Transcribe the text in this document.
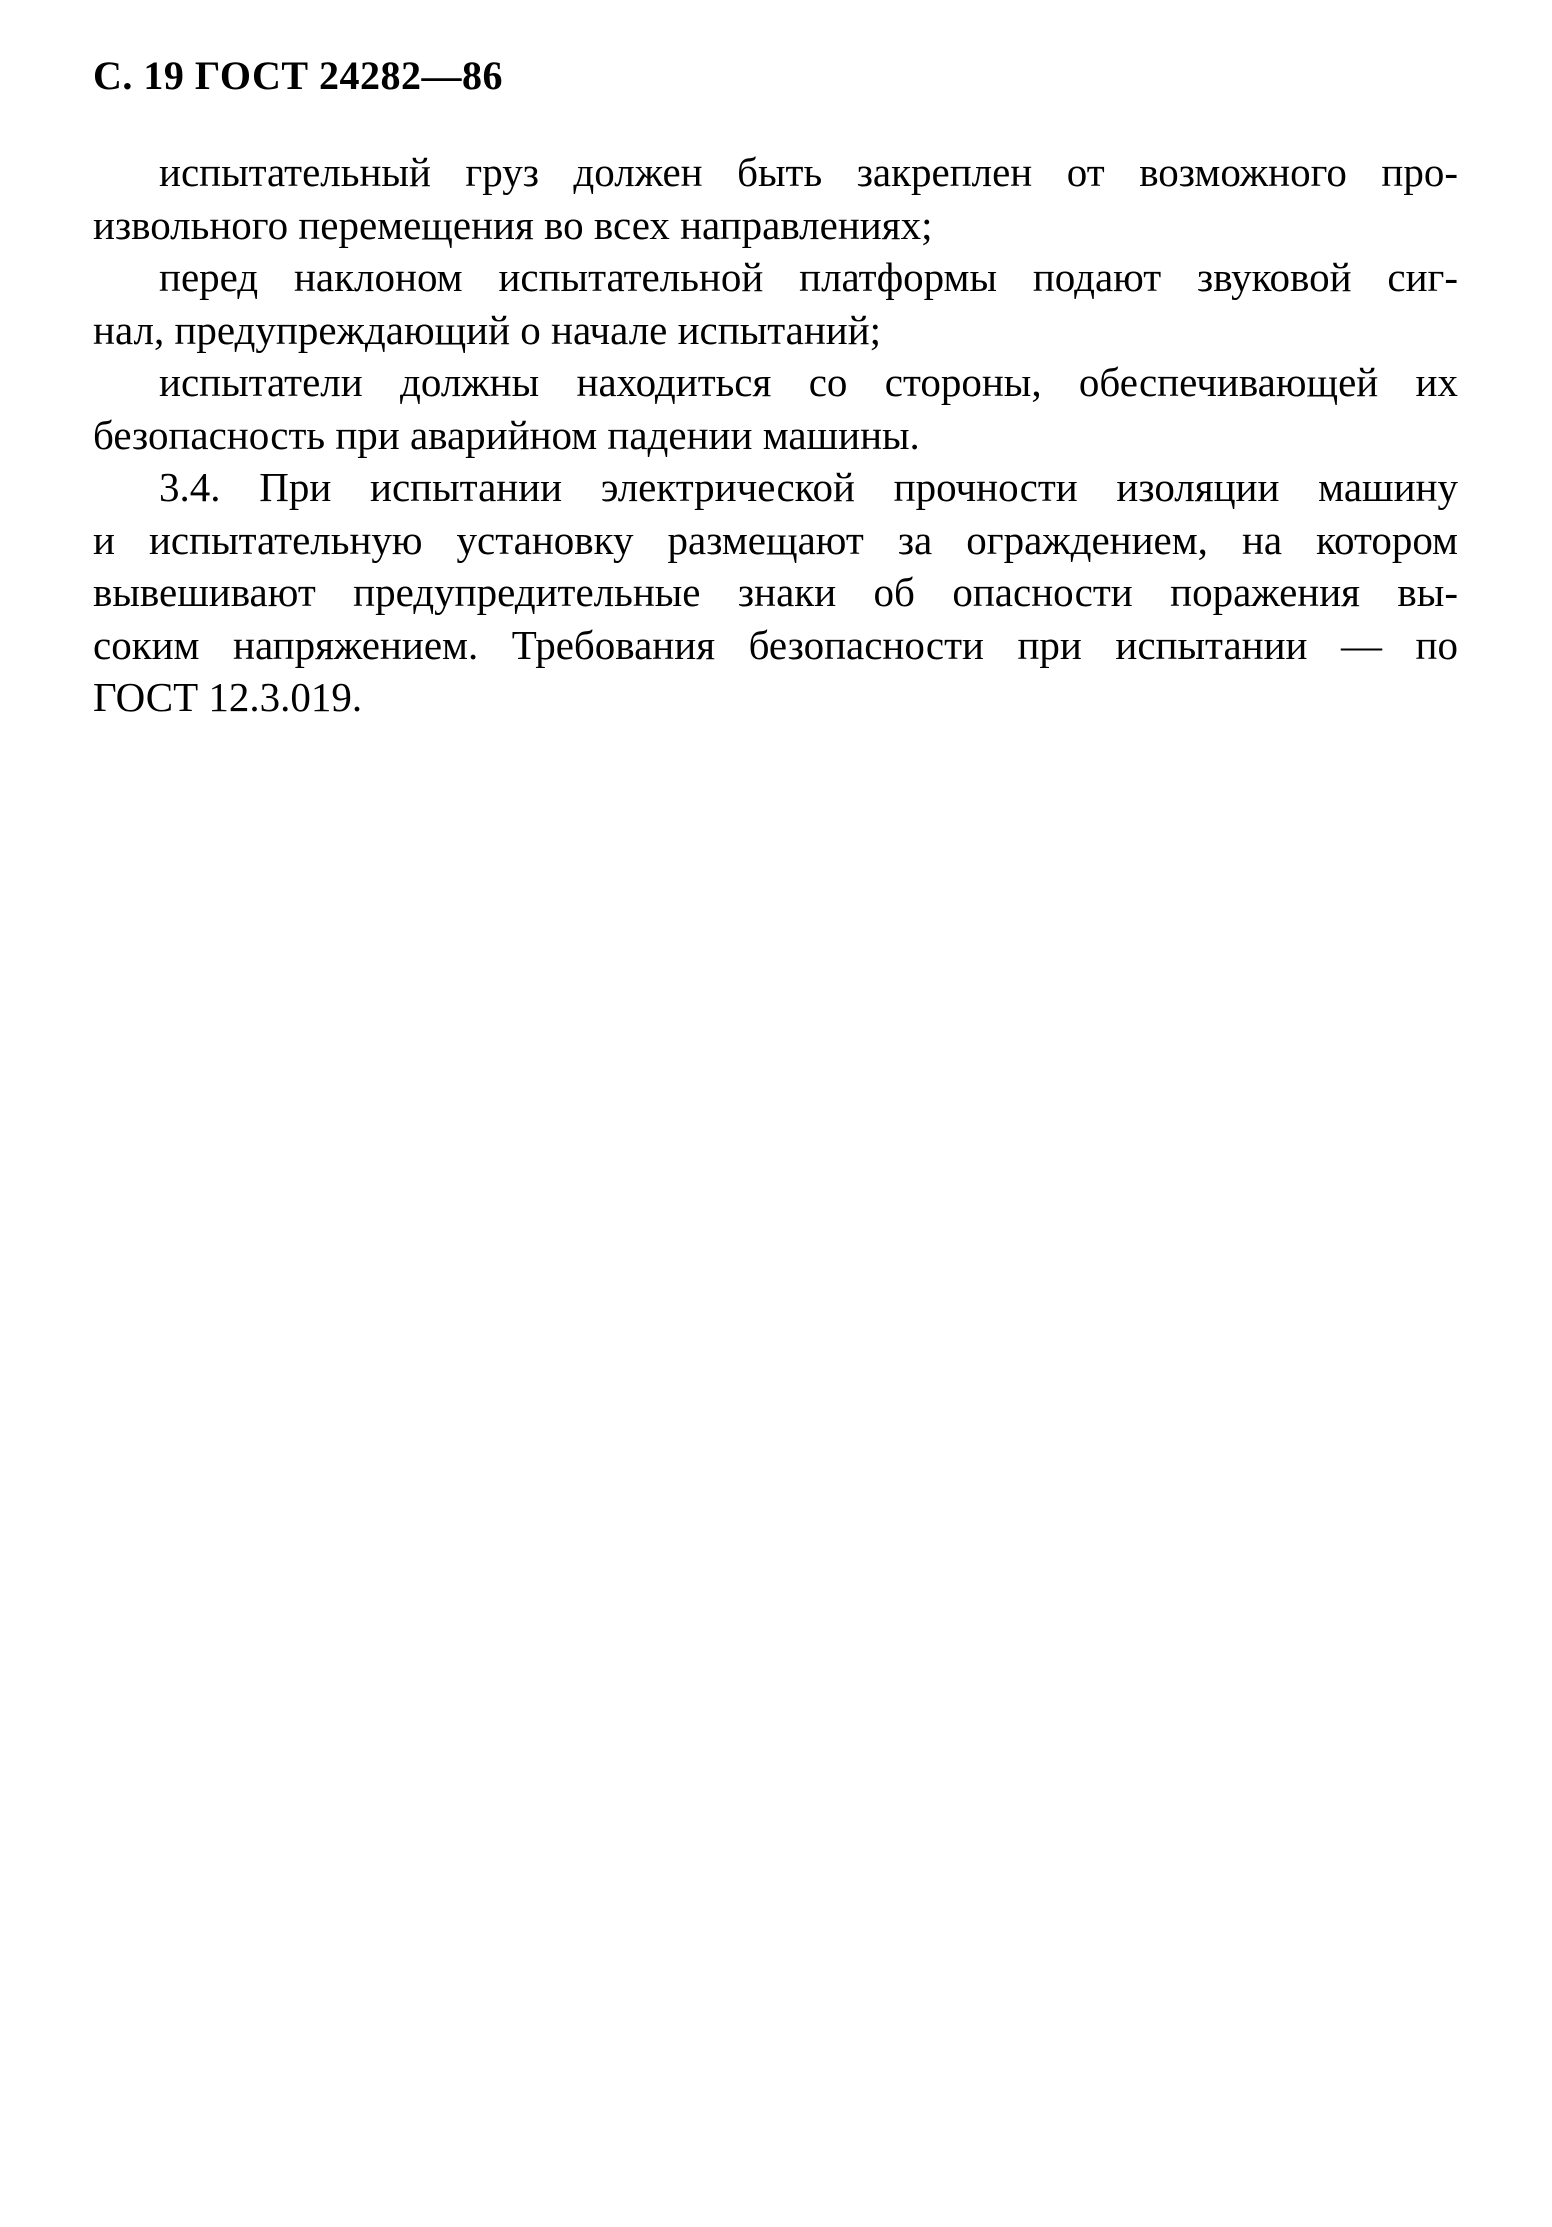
С. 19 ГОСТ 24282—86

испытательный груз должен быть закреплен от возможного про-
извольного перемещения во всех направлениях;

перед наклоном испытательной платформы подают звуковой сиг-
нал, предупреждающий о начале испытаний;

испытатели должны находиться со стороны, обеспечивающей их
безопасность при аварийном падении машины.

3.4. При испытании электрической прочности изоляции машину
и испытательную установку размещают за ограждением, на котором
вывешивают предупредительные знаки об опасности поражения вы-
соким напряжением. Требования безопасности при испытании — по
ГОСТ 12.3.019.
